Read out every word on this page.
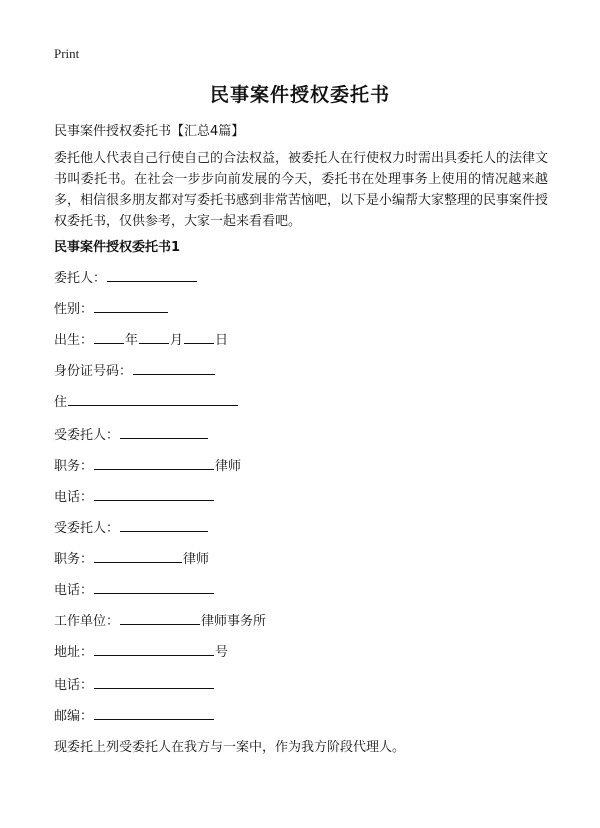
Print
民事案件授权委托书
民事案件授权委托书【汇总4篇】
委托他人代表自己行使自己的合法权益，被委托人在行使权力时需出具委托人的法律文书叫委托书。在社会一步步向前发展的今天，委托书在处理事务上使用的情况越来越多，相信很多朋友都对写委托书感到非常苦恼吧，以下是小编帮大家整理的民事案件授权委托书，仅供参考，大家一起来看看吧。
民事案件授权委托书1
委托人：
性别：
出生： 年 月 日
身份证号码：
住
受委托人：
职务：	律师
电话：
受委托人：
职务：	律师
电话：
工作单位：	律师事务所
地址：	号
电话：
邮编：
现委托上列受委托人在我方与一案中，作为我方阶段代理人。
